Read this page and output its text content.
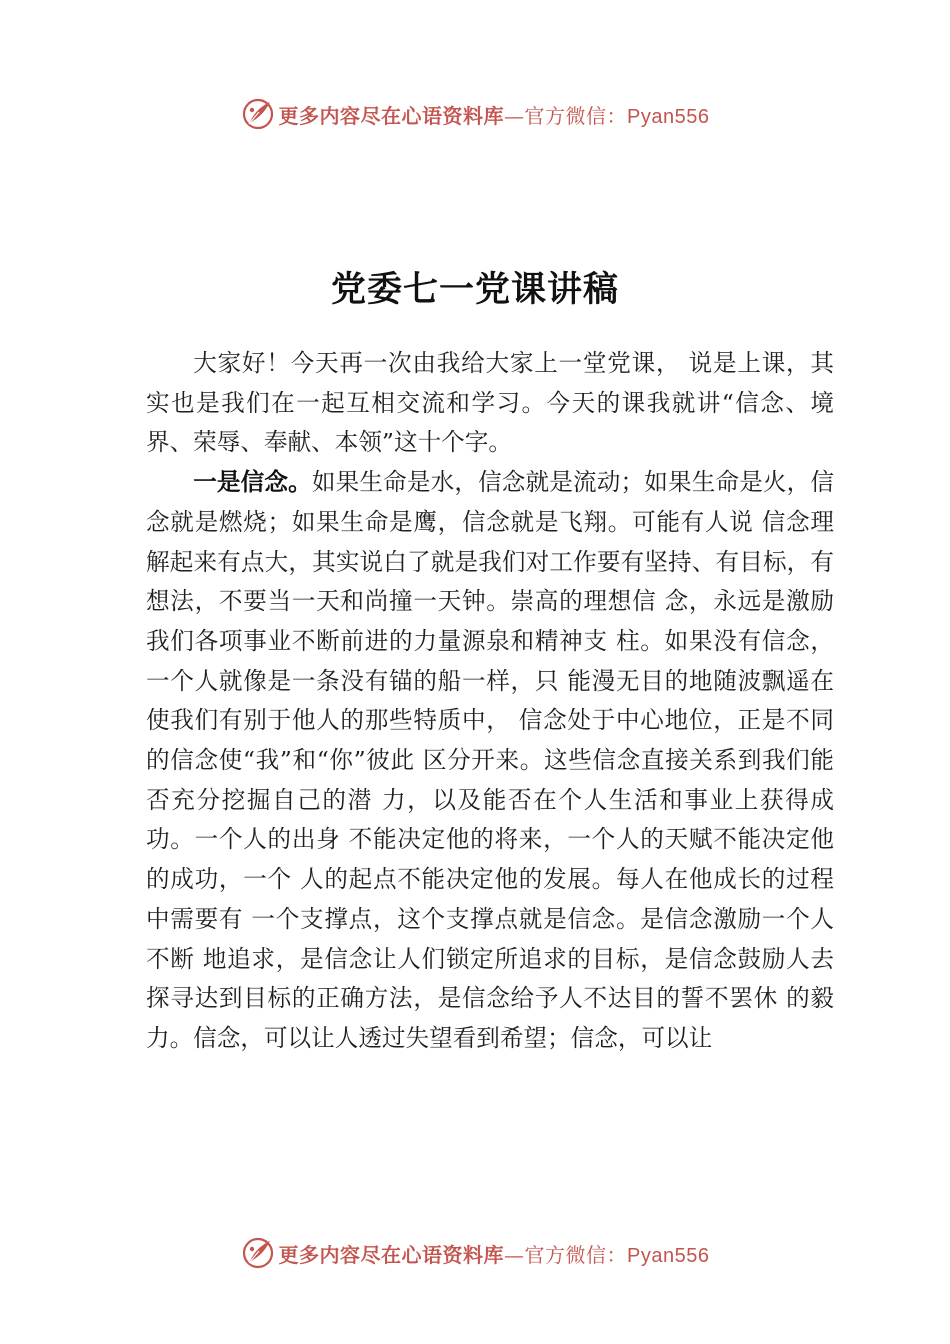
更多内容尽在心语资料库—官方微信：Pyan556
党委七一党课讲稿

大家好！今天再一次由我给大家上一堂党课， 说是上课，其实也是我们在一起互相交流和学习。今天的课我就讲“信念、境界、荣辱、奉献、本领”这十个字。

一是信念。如果生命是水，信念就是流动；如果生命是火，信念就是燃烧；如果生命是鹰，信念就是飞翔。可能有人说 信念理解起来有点大，其实说白了就是我们对工作要有坚持、有目标，有想法，不要当一天和尚撞一天钟。崇高的理想信 念，永远是激励我们各项事业不断前进的力量源泉和精神支 柱。如果没有信念，一个人就像是一条没有锚的船一样，只 能漫无目的地随波飘遥在使我们有别于他人的那些特质中， 信念处于中心地位，正是不同的信念使“我”和“你”彼此 区分开来。这些信念直接关系到我们能否充分挖掘自己的潜 力，以及能否在个人生活和事业上获得成功。一个人的出身 不能决定他的将来，一个人的天赋不能决定他的成功，一个 人的起点不能决定他的发展。每人在他成长的过程中需要有 一个支撑点，这个支撑点就是信念。是信念激励一个人不断 地追求，是信念让人们锁定所追求的目标，是信念鼓励人去 探寻达到目标的正确方法，是信念给予人不达目的誓不罢休 的毅力。信念，可以让人透过失望看到希望；信念，可以让

更多内容尽在心语资料库—官方微信：Pyan556
